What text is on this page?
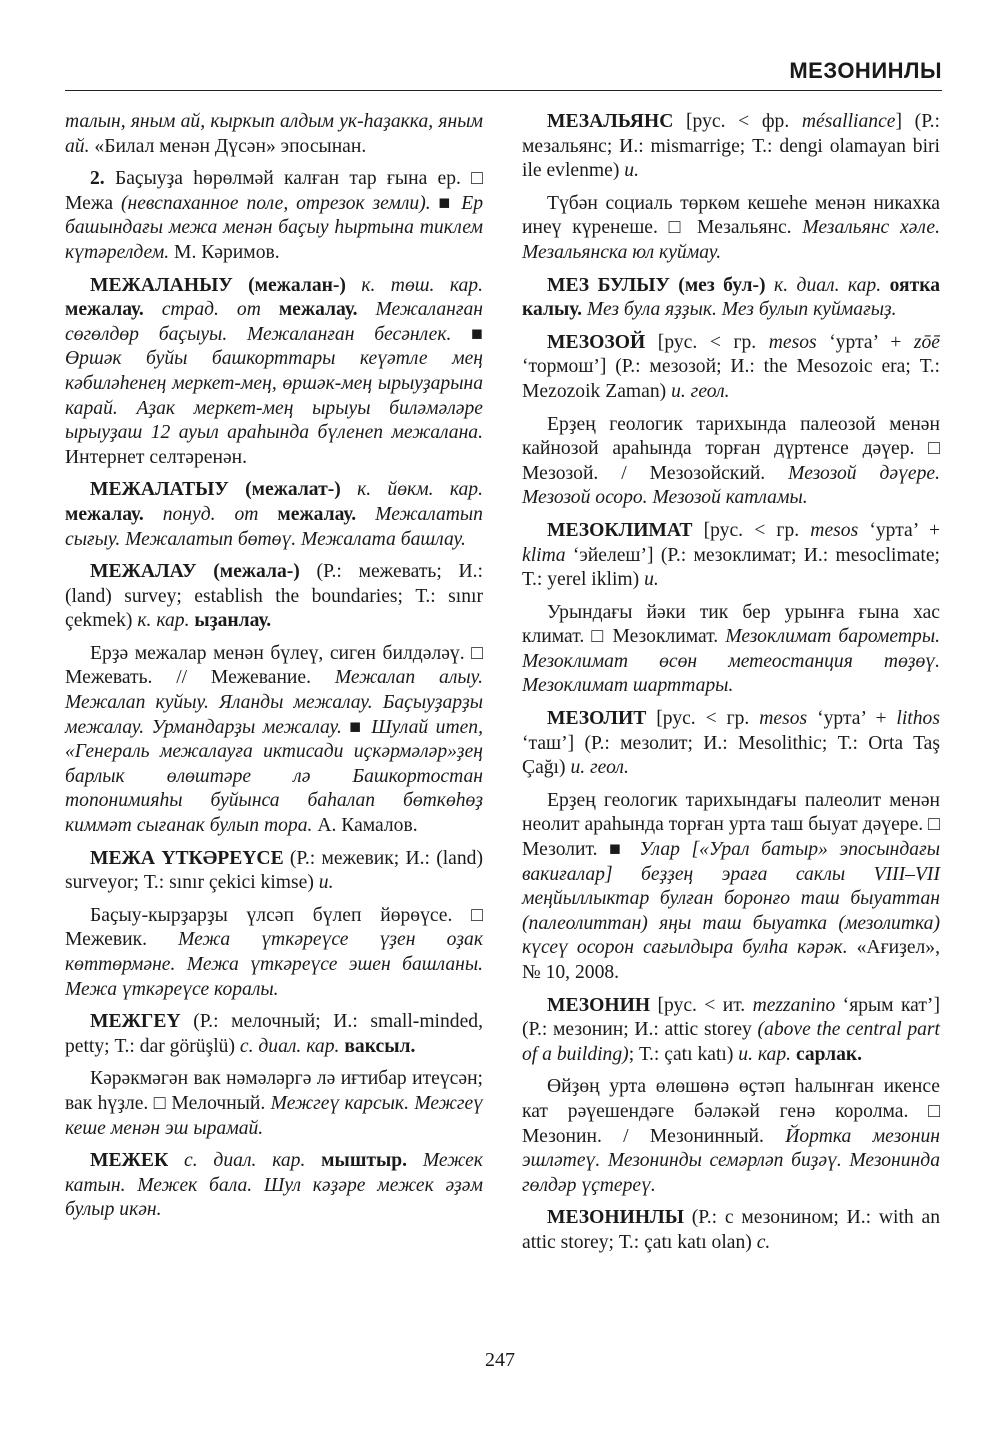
МЕЗОНИНЛЫ

талын, яным ай, кыркып алдым ук-һаҙакка, яным ай. «Билал менән Дүсән» эпосынан.

2. Баҫыуҙа һөрөлмәй калған тар ғына ер. □ Межа (невспаханное поле, отрезок земли). ■ Ер башындағы межа менән баҫыу һыртына тиклем күтәрелдем. М. Кәримов.

МЕЖАЛАНЫУ (межалан-) к. төш. кар. межалау. страд. от межалау. Межаланған сөгөлдөр баҫыуы. Межаланған бесәнлек. ■ Өршәк буйы башкорттары кеүәтле мең кәбиләһенең меркет-мең, өршәк-мең ырыуҙарына карай. Аҙак меркет-мең ырыуы биләмәләре ырыуҙаш 12 ауыл араһында бүленеп межалана. Интернет селтәренән.

МЕЖАЛАТЫУ (межалат-) к. йөкм. кар. межалау. понуд. от межалау. Межалатып сығыу. Межалатып бөтөү. Межалата башлау.

МЕЖАЛАУ (межала-) (Р.: межевать; И.: (land) survey; establish the boundaries; Т.: sınır çekmek) к. кар. ыҙанлау.

Ерҙә межалар менән бүлеү, сиген билдәләү. □ Межевать. // Межевание. Межалап алыу. Межалап куйыу. Яланды межалау. Баҫыуҙарҙы межалау. Урмандарҙы межалау. ■ Шулай итеп, «Генераль межалауға иктисади иҫкәрмәләр»ҙең барлык өлөштәре лә Башкортостан топонимияһы буйынса баһалап бөткөһөҙ киммәт сығанак булып тора. А. Камалов.

МЕЖА ҮТКӘРЕҮСЕ (Р.: межевик; И.: (land) surveyor; Т.: sınır çekici kimse) и.

Баҫыу-кырҙарҙы үлсәп бүлеп йөрөүсе. □ Межевик. Межа үткәреүсе үҙен оҙак көттөрмәне. Межа үткәреүсе эшен башланы. Межа үткәреүсе коралы.

МЕЖГЕҮ (Р.: мелочный; И.: small-minded, petty; Т.: dar görüşlü) с. диал. кар. ваксыл.

Кәрәкмәгән вак нәмәләргә лә иғтибар итеүсән; вак һүҙле. □ Мелочный. Межгеү карсык. Межгеү кеше менән эш ырамай.

МЕЖЕК с. диал. кар. мыштыр. Межек катын. Межек бала. Шул кәҙәре межек әҙәм булыр икән.

МЕЗАЛЬЯНС [рус. < фр. mésalliance] (Р.: мезальянс; И.: mismarrige; Т.: dengi olamayan biri ile evlenme) и.

Түбән социаль төркөм кешеһе менән никахка инеү күренеше. □ Мезальянс. Мезальянс хәле. Мезальянска юл куймау.

МЕЗ БУЛЫУ (мез бул-) к. диал. кар. оятка калыу. Мез була яҙҙык. Мез булып куймағыҙ.

МЕЗОЗОЙ [рус. < гр. mesos ‘урта’ + zōē ‘тормош’] (Р.: мезозой; И.: the Mesozoic era; Т.: Mezozoik Zaman) и. геол.

Ерҙең геологик тарихында палеозой менән кайнозой араһында торған дүртенсе дәүер. □ Мезозой. / Мезозойский. Мезозой дәүере. Мезозой осоро. Мезозой катламы.

МЕЗОКЛИМАТ [рус. < гр. mesos ‘урта’ + klima ‘эйелеш’] (Р.: мезоклимат; И.: mesoclimate; Т.: yerel iklim) и.

Урындағы йәки тик бер урынға ғына хас климат. □ Мезоклимат. Мезоклимат барометры. Мезоклимат өсөн метеостанция төҙөү. Мезоклимат шарттары.

МЕЗОЛИТ [рус. < гр. mesos ‘урта’ + lithos ‘таш’] (Р.: мезолит; И.: Mesolithic; Т.: Orta Taş Çağı) и. геол.

Ерҙең геологик тарихындағы палеолит менән неолит араһында торған урта таш быуат дәүере. □ Мезолит. ■ Улар [«Урал батыр» эпосындағы вакиғалар] беҙҙең эраға саклы VIII–VII меңйыллыктар булған боронғо таш быуаттан (палеолиттан) яңы таш быуатка (мезолитка) күсеү осорон сағылдыра булһа кәрәк. «Ағиҙел», № 10, 2008.

МЕЗОНИН [рус. < ит. mezzanino ‘ярым кат’] (Р.: мезонин; И.: attic storey (above the central part of a building); Т.: çatı katı) и. кар. сарлак.

Өйҙөң урта өлөшөнә өҫтәп һалынған икенсе кат рәүешендәге бәләкәй генә королма. □ Мезонин. / Мезонинный. Йортка мезонин эшләтеү. Мезонинды семәрләп биҙәү. Мезонинда гөлдәр үҫтереү.

МЕЗОНИНЛЫ (Р.: с мезонином; И.: with an attic storey; Т.: çatı katı olan) с.

247
